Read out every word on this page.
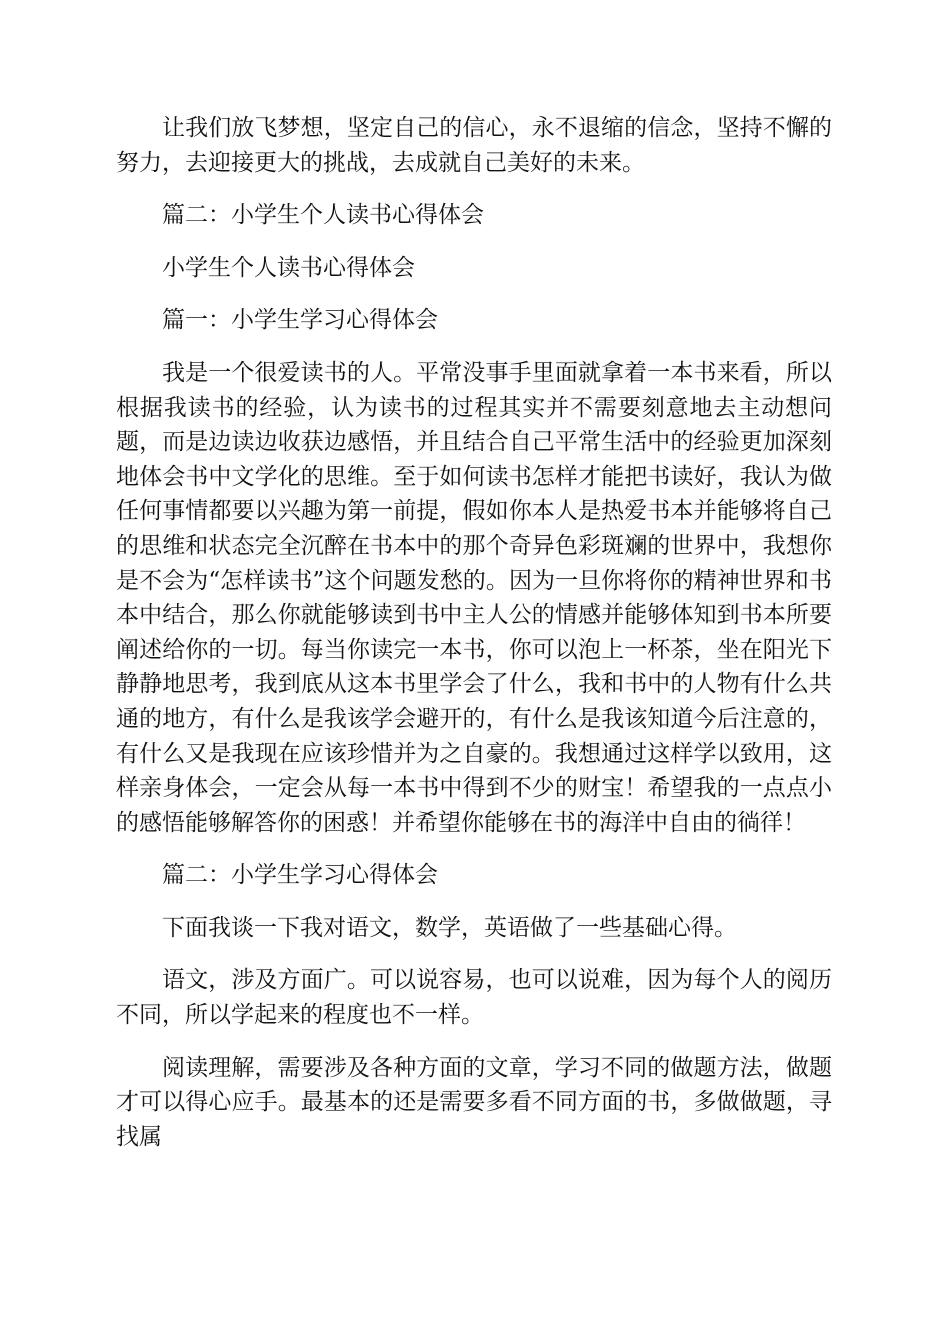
让我们放飞梦想，坚定自己的信心，永不退缩的信念，坚持不懈的努力，去迎接更大的挑战，去成就自己美好的未来。

篇二：小学生个人读书心得体会

小学生个人读书心得体会

篇一：小学生学习心得体会

我是一个很爱读书的人。平常没事手里面就拿着一本书来看，所以根据我读书的经验，认为读书的过程其实并不需要刻意地去主动想问题，而是边读边收获边感悟，并且结合自己平常生活中的经验更加深刻地体会书中文学化的思维。至于如何读书怎样才能把书读好，我认为做任何事情都要以兴趣为第一前提，假如你本人是热爱书本并能够将自己的思维和状态完全沉醉在书本中的那个奇异色彩斑斓的世界中，我想你是不会为“怎样读书”这个问题发愁的。因为一旦你将你的精神世界和书本中结合，那么你就能够读到书中主人公的情感并能够体知到书本所要阐述给你的一切。每当你读完一本书，你可以泡上一杯茶，坐在阳光下静静地思考，我到底从这本书里学会了什么，我和书中的人物有什么共通的地方，有什么是我该学会避开的，有什么是我该知道今后注意的，有什么又是我现在应该珍惜并为之自豪的。我想通过这样学以致用，这样亲身体会，一定会从每一本书中得到不少的财宝！希望我的一点点小的感悟能够解答你的困惑！并希望你能够在书的海洋中自由的徜徉！

篇二：小学生学习心得体会

下面我谈一下我对语文，数学，英语做了一些基础心得。

语文，涉及方面广。可以说容易，也可以说难，因为每个人的阅历不同，所以学起来的程度也不一样。

阅读理解，需要涉及各种方面的文章，学习不同的做题方法，做题才可以得心应手。最基本的还是需要多看不同方面的书，多做做题，寻找属
